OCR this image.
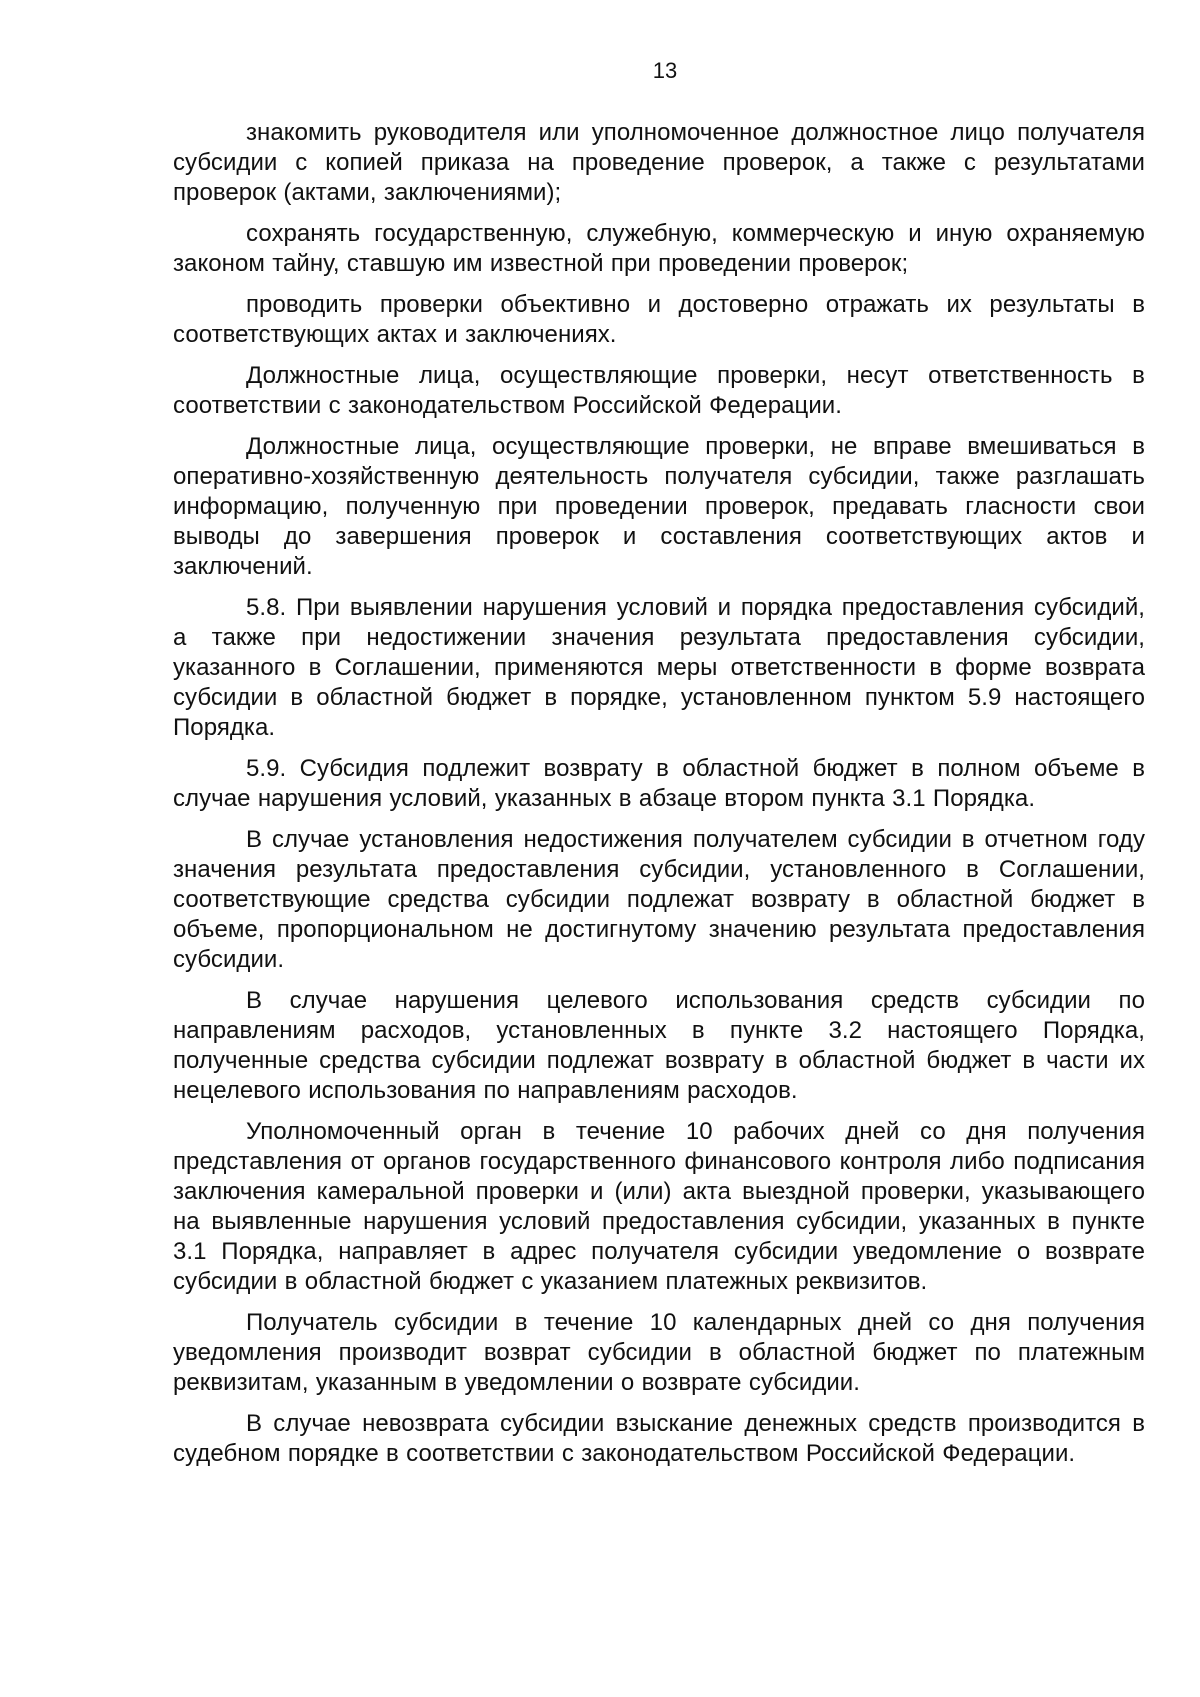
13

знакомить руководителя или уполномоченное должностное лицо получателя субсидии с копией приказа на проведение проверок, а также с результатами проверок (актами, заключениями);

сохранять государственную, служебную, коммерческую и иную охраняемую законом тайну, ставшую им известной при проведении проверок;

проводить проверки объективно и достоверно отражать их результаты в соответствующих актах и заключениях.

Должностные лица, осуществляющие проверки, несут ответственность в соответствии с законодательством Российской Федерации.

Должностные лица, осуществляющие проверки, не вправе вмешиваться в оперативно-хозяйственную деятельность получателя субсидии, также разглашать информацию, полученную при проведении проверок, предавать гласности свои выводы до завершения проверок и составления соответствующих актов и заключений.

5.8. При выявлении нарушения условий и порядка предоставления субсидий, а также при недостижении значения результата предоставления субсидии, указанного в Соглашении, применяются меры ответственности в форме возврата субсидии в областной бюджет в порядке, установленном пунктом 5.9 настоящего Порядка.

5.9. Субсидия подлежит возврату в областной бюджет в полном объеме в случае нарушения условий, указанных в абзаце втором пункта 3.1 Порядка.

В случае установления недостижения получателем субсидии в отчетном году значения результата предоставления субсидии, установленного в Соглашении, соответствующие средства субсидии подлежат возврату в областной бюджет в объеме, пропорциональном не достигнутому значению результата предоставления субсидии.

В случае нарушения целевого использования средств субсидии по направлениям расходов, установленных в пункте 3.2 настоящего Порядка, полученные средства субсидии подлежат возврату в областной бюджет в части их нецелевого использования по направлениям расходов.

Уполномоченный орган в течение 10 рабочих дней со дня получения представления от органов государственного финансового контроля либо подписания заключения камеральной проверки и (или) акта выездной проверки, указывающего на выявленные нарушения условий предоставления субсидии, указанных в пункте 3.1 Порядка, направляет в адрес получателя субсидии уведомление о возврате субсидии в областной бюджет с указанием платежных реквизитов.

Получатель субсидии в течение 10 календарных дней со дня получения уведомления производит возврат субсидии в областной бюджет по платежным реквизитам, указанным в уведомлении о возврате субсидии.

В случае невозврата субсидии взыскание денежных средств производится в судебном порядке в соответствии с законодательством Российской Федерации.
